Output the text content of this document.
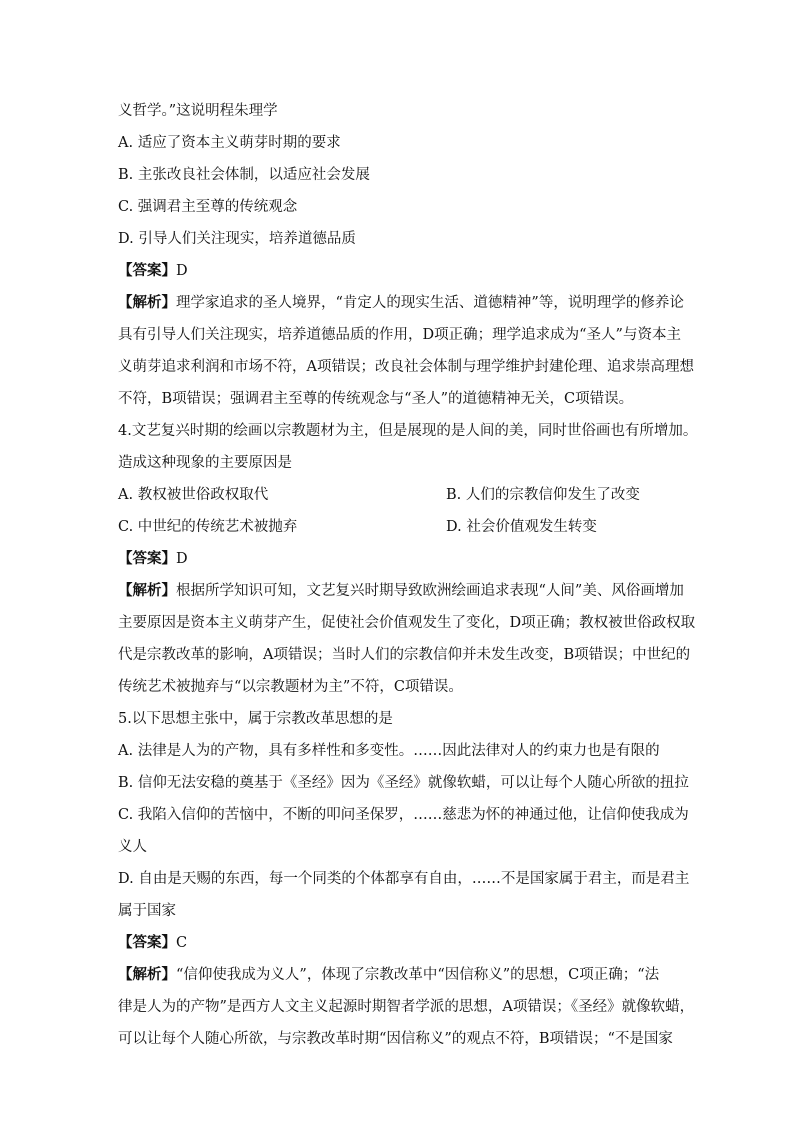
义哲学。”这说明程朱理学
A. 适应了资本主义萌芽时期的要求
B. 主张改良社会体制，以适应社会发展
C. 强调君主至尊的传统观念
D. 引导人们关注现实，培养道德品质
【答案】D
【解析】理学家追求的圣人境界，“肯定人的现实生活、道德精神”等，说明理学的修养论
具有引导人们关注现实，培养道德品质的作用，D项正确；理学追求成为“圣人”与资本主
义萌芽追求利润和市场不符，A项错误；改良社会体制与理学维护封建伦理、追求崇高理想
不符，B项错误；强调君主至尊的传统观念与“圣人”的道德精神无关，C项错误。
4.文艺复兴时期的绘画以宗教题材为主，但是展现的是人间的美，同时世俗画也有所增加。
造成这种现象的主要原因是
A. 教权被世俗政权取代	B. 人们的宗教信仰发生了改变
C. 中世纪的传统艺术被抛弃	D. 社会价值观发生转变
【答案】D
【解析】根据所学知识可知，文艺复兴时期导致欧洲绘画追求表现“人间”美、风俗画增加
主要原因是资本主义萌芽产生，促使社会价值观发生了变化，D项正确；教权被世俗政权取
代是宗教改革的影响，A项错误；当时人们的宗教信仰并未发生改变，B项错误；中世纪的
传统艺术被抛弃与“以宗教题材为主”不符，C项错误。
5.以下思想主张中，属于宗教改革思想的是
A. 法律是人为的产物，具有多样性和多变性。……因此法律对人的约束力也是有限的
B. 信仰无法安稳的奠基于《圣经》因为《圣经》就像软蜡，可以让每个人随心所欲的扭拉
C. 我陷入信仰的苦恼中，不断的叩问圣保罗，……慈悲为怀的神通过他，让信仰使我成为
义人
D. 自由是天赐的东西，每一个同类的个体都享有自由，……不是国家属于君主，而是君主
属于国家
【答案】C
【解析】“信仰使我成为义人”，体现了宗教改革中“因信称义”的思想，C项正确；“法
律是人为的产物”是西方人文主义起源时期智者学派的思想，A项错误；《圣经》就像软蜡，
可以让每个人随心所欲，与宗教改革时期“因信称义”的观点不符，B项错误；“不是国家
